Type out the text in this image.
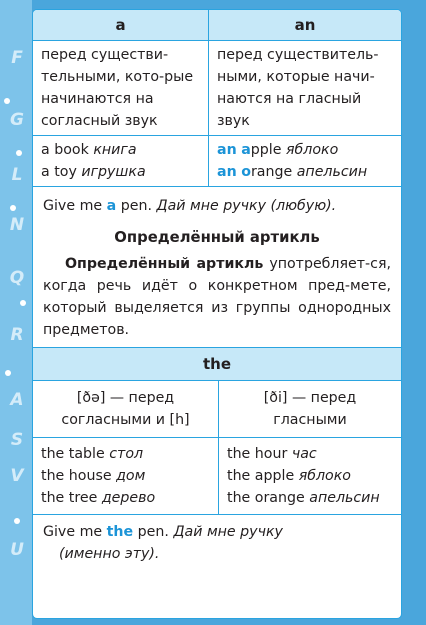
F
G
L
N
Q
R
A
S
V
U
a	an
перед существи-тельными, кото-рые начинаются на согласный звук
перед существитель-ными, которые начи-наются на гласный звук
a book книга
a toy игрушка
an apple яблоко
an orange апельсин
Give me a pen. Дай мне ручку (любую).
Определённый артикль
Определённый артикль употребляет-ся, когда речь идёт о конкретном пред-мете, который выделяется из группы однородных предметов.
the
[ðə] — перед
согласными и [h]
[ði] — перед
гласными
the table стол
the house дом
the tree дерево
the hour час
the apple яблоко
the orange апельсин
Give me the pen. Дай мне ручку
(именно эту).
